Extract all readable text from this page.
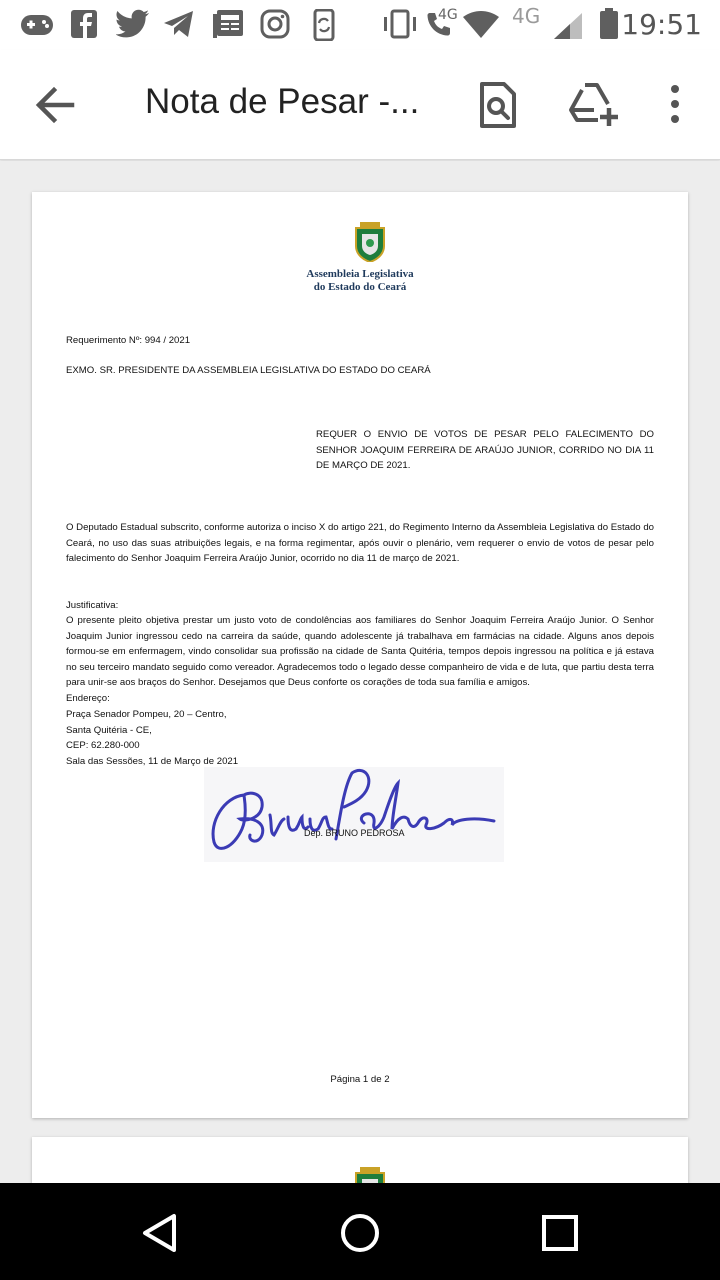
4G	4G	19:51
Nota de Pesar -...
Assembleia Legislativa
do Estado do Ceará
Requerimento Nº: 994 / 2021
EXMO. SR. PRESIDENTE DA ASSEMBLEIA LEGISLATIVA DO ESTADO DO CEARÁ
REQUER O ENVIO DE VOTOS DE PESAR PELO FALECIMENTO DO SENHOR JOAQUIM FERREIRA DE ARAÚJO JUNIOR, CORRIDO NO DIA 11 DE MARÇO DE 2021.
O Deputado Estadual subscrito, conforme autoriza o inciso X do artigo 221, do Regimento Interno da Assembleia Legislativa do Estado do Ceará, no uso das suas atribuições legais, e na forma regimentar, após ouvir o plenário, vem requerer o envio de votos de pesar pelo falecimento do Senhor Joaquim Ferreira Araújo Junior, ocorrido no dia 11 de março de 2021.
Justificativa:
O presente pleito objetiva prestar um justo voto de condolências aos familiares do Senhor Joaquim Ferreira Araújo Junior. O Senhor Joaquim Junior ingressou cedo na carreira da saúde, quando adolescente já trabalhava em farmácias na cidade. Alguns anos depois formou-se em enfermagem, vindo consolidar sua profissão na cidade de Santa Quitéria, tempos depois ingressou na política e já estava no seu terceiro mandato seguido como vereador. Agradecemos todo o legado desse companheiro de vida e de luta, que partiu desta terra para unir-se aos braços do Senhor. Desejamos que Deus conforte os corações de toda sua família e amigos.
Endereço:
Praça Senador Pompeu, 20 – Centro,
Santa Quitéria - CE,
CEP: 62.280-000
Sala das Sessões, 11 de Março de 2021
Dep. BRUNO PEDROSA
Página 1 de 2
